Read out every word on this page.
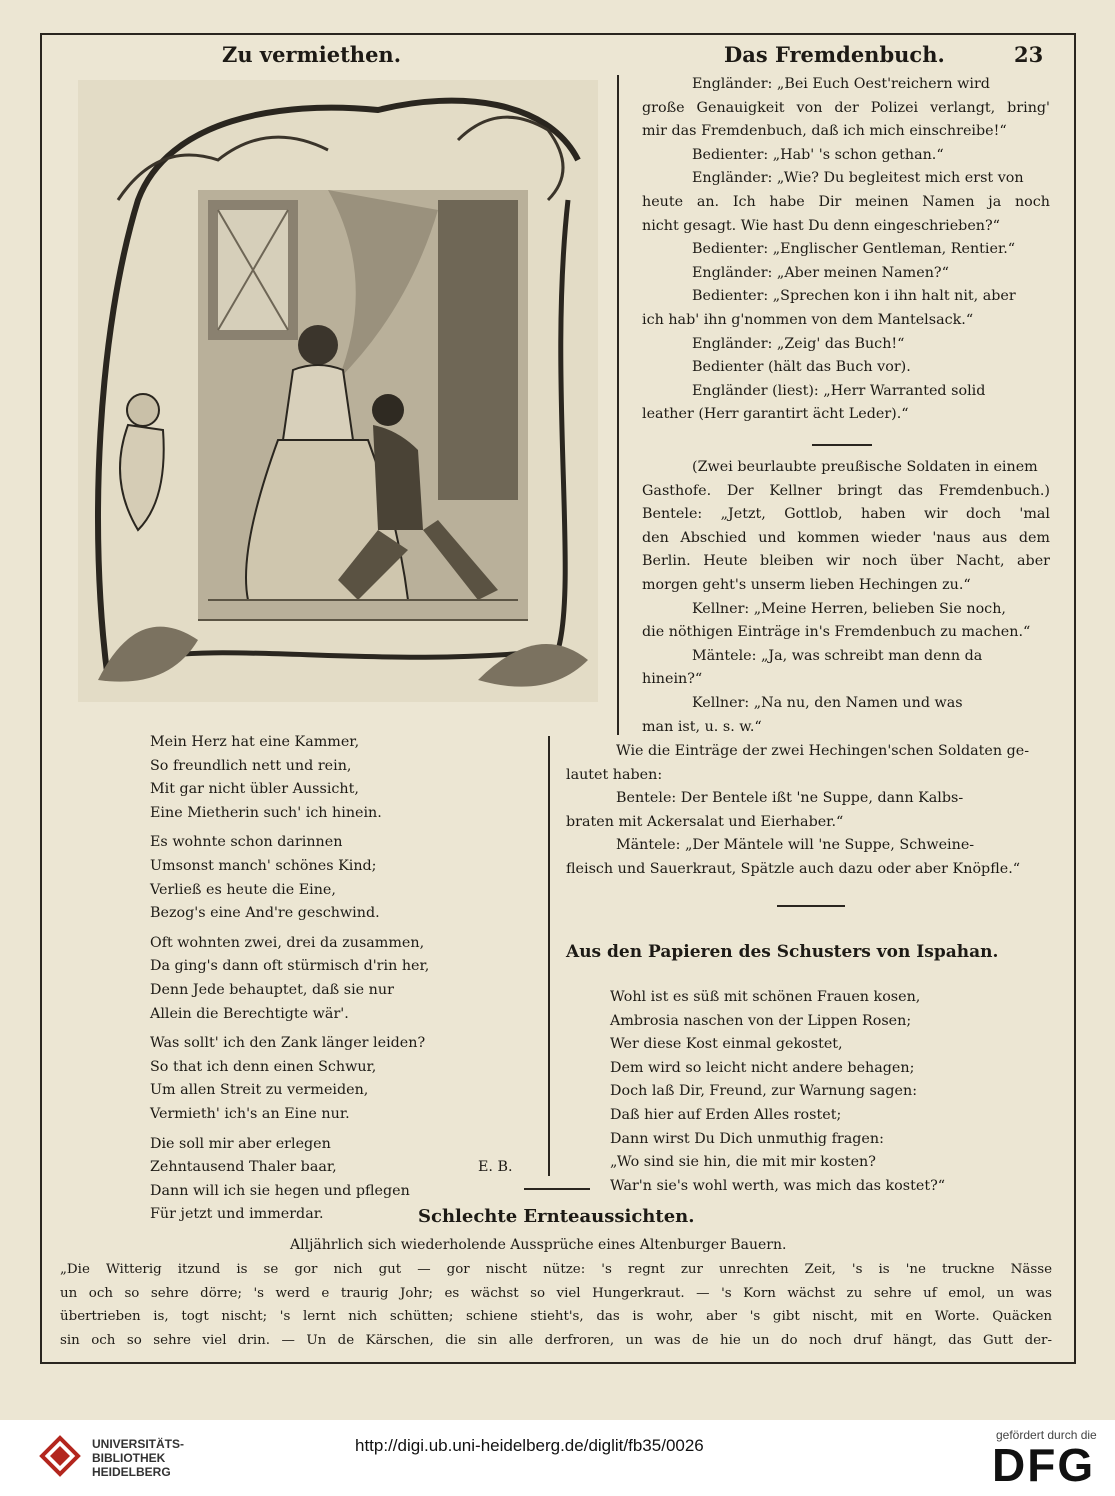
Zu vermiethen.	Das Fremdenbuch.	23

Engländer: „Bei Euch Oest'reichern wird

große Genauigkeit von der Polizei verlangt, bring'

mir das Fremdenbuch, daß ich mich einschreibe!“

Bedienter: „Hab' 's schon gethan.“

Engländer: „Wie? Du begleitest mich erst von

heute an. Ich habe Dir meinen Namen ja noch

nicht gesagt. Wie hast Du denn eingeschrieben?“

Bedienter: „Englischer Gentleman, Rentier.“

Engländer: „Aber meinen Namen?“

Bedienter: „Sprechen kon i ihn halt nit, aber

ich hab' ihn g'nommen von dem Mantelsack.“

Engländer: „Zeig' das Buch!“

Bedienter (hält das Buch vor).

Engländer (liest): „Herr Warranted solid

leather (Herr garantirt ächt Leder).“

(Zwei beurlaubte preußische Soldaten in einem

Gasthofe. Der Kellner bringt das Fremdenbuch.)

Bentele: „Jetzt, Gottlob, haben wir doch 'mal

den Abschied und kommen wieder 'naus aus dem

Berlin. Heute bleiben wir noch über Nacht, aber

morgen geht's unserm lieben Hechingen zu.“

Kellner: „Meine Herren, belieben Sie noch,

die nöthigen Einträge in's Fremdenbuch zu machen.“

Mäntele: „Ja, was schreibt man denn da

hinein?“

Kellner: „Na nu, den Namen und was

man ist, u. s. w.“

Wie die Einträge der zwei Hechingen'schen Soldaten ge-

lautet haben:

Bentele: Der Bentele ißt 'ne Suppe, dann Kalbs-

braten mit Ackersalat und Eierhaber.“

Mäntele: „Der Mäntele will 'ne Suppe, Schweine-

fleisch und Sauerkraut, Spätzle auch dazu oder aber Knöpfle.“

Aus den Papieren des Schusters von Ispahan.

Wohl ist es süß mit schönen Frauen kosen,

Ambrosia naschen von der Lippen Rosen;

Wer diese Kost einmal gekostet,

Dem wird so leicht nicht andere behagen;

Doch laß Dir, Freund, zur Warnung sagen:

Daß hier auf Erden Alles rostet;

Dann wirst Du Dich unmuthig fragen:

„Wo sind sie hin, die mit mir kosten?

War'n sie's wohl werth, was mich das kostet?“

Mein Herz hat eine Kammer,

So freundlich nett und rein,

Mit gar nicht übler Aussicht,

Eine Mietherin such' ich hinein.

Es wohnte schon darinnen

Umsonst manch' schönes Kind;

Verließ es heute die Eine,

Bezog's eine And're geschwind.

Oft wohnten zwei, drei da zusammen,

Da ging's dann oft stürmisch d'rin her,

Denn Jede behauptet, daß sie nur

Allein die Berechtigte wär'.

Was sollt' ich den Zank länger leiden?

So that ich denn einen Schwur,

Um allen Streit zu vermeiden,

Vermieth' ich's an Eine nur.

Die soll mir aber erlegen

Zehntausend Thaler baar,

Dann will ich sie hegen und pflegen

Für jetzt und immerdar.

E. B.
Schlechte Ernteaussichten.
Alljährlich sich wiederholende Aussprüche eines Altenburger Bauern.

„Die Witterig itzund is se gor nich gut — gor nischt nütze: 's regnt zur unrechten Zeit, 's is 'ne truckne Nässe

un och so sehre dörre; 's werd e traurig Johr; es wächst so viel Hungerkraut. — 's Korn wächst zu sehre uf emol, un was

übertrieben is, togt nischt; 's lernt nich schütten; schiene stieht's, das is wohr, aber 's gibt nischt, mit en Worte. Quäcken

sin och so sehre viel drin. — Un de Kärschen, die sin alle derfroren, un was de hie un do noch druf hängt, das Gutt der-

UNIVERSITÄTS-
BIBLIOTHEK
HEIDELBERG
http://digi.ub.uni-heidelberg.de/diglit/fb35/0026
gefördert durch die
DFG
